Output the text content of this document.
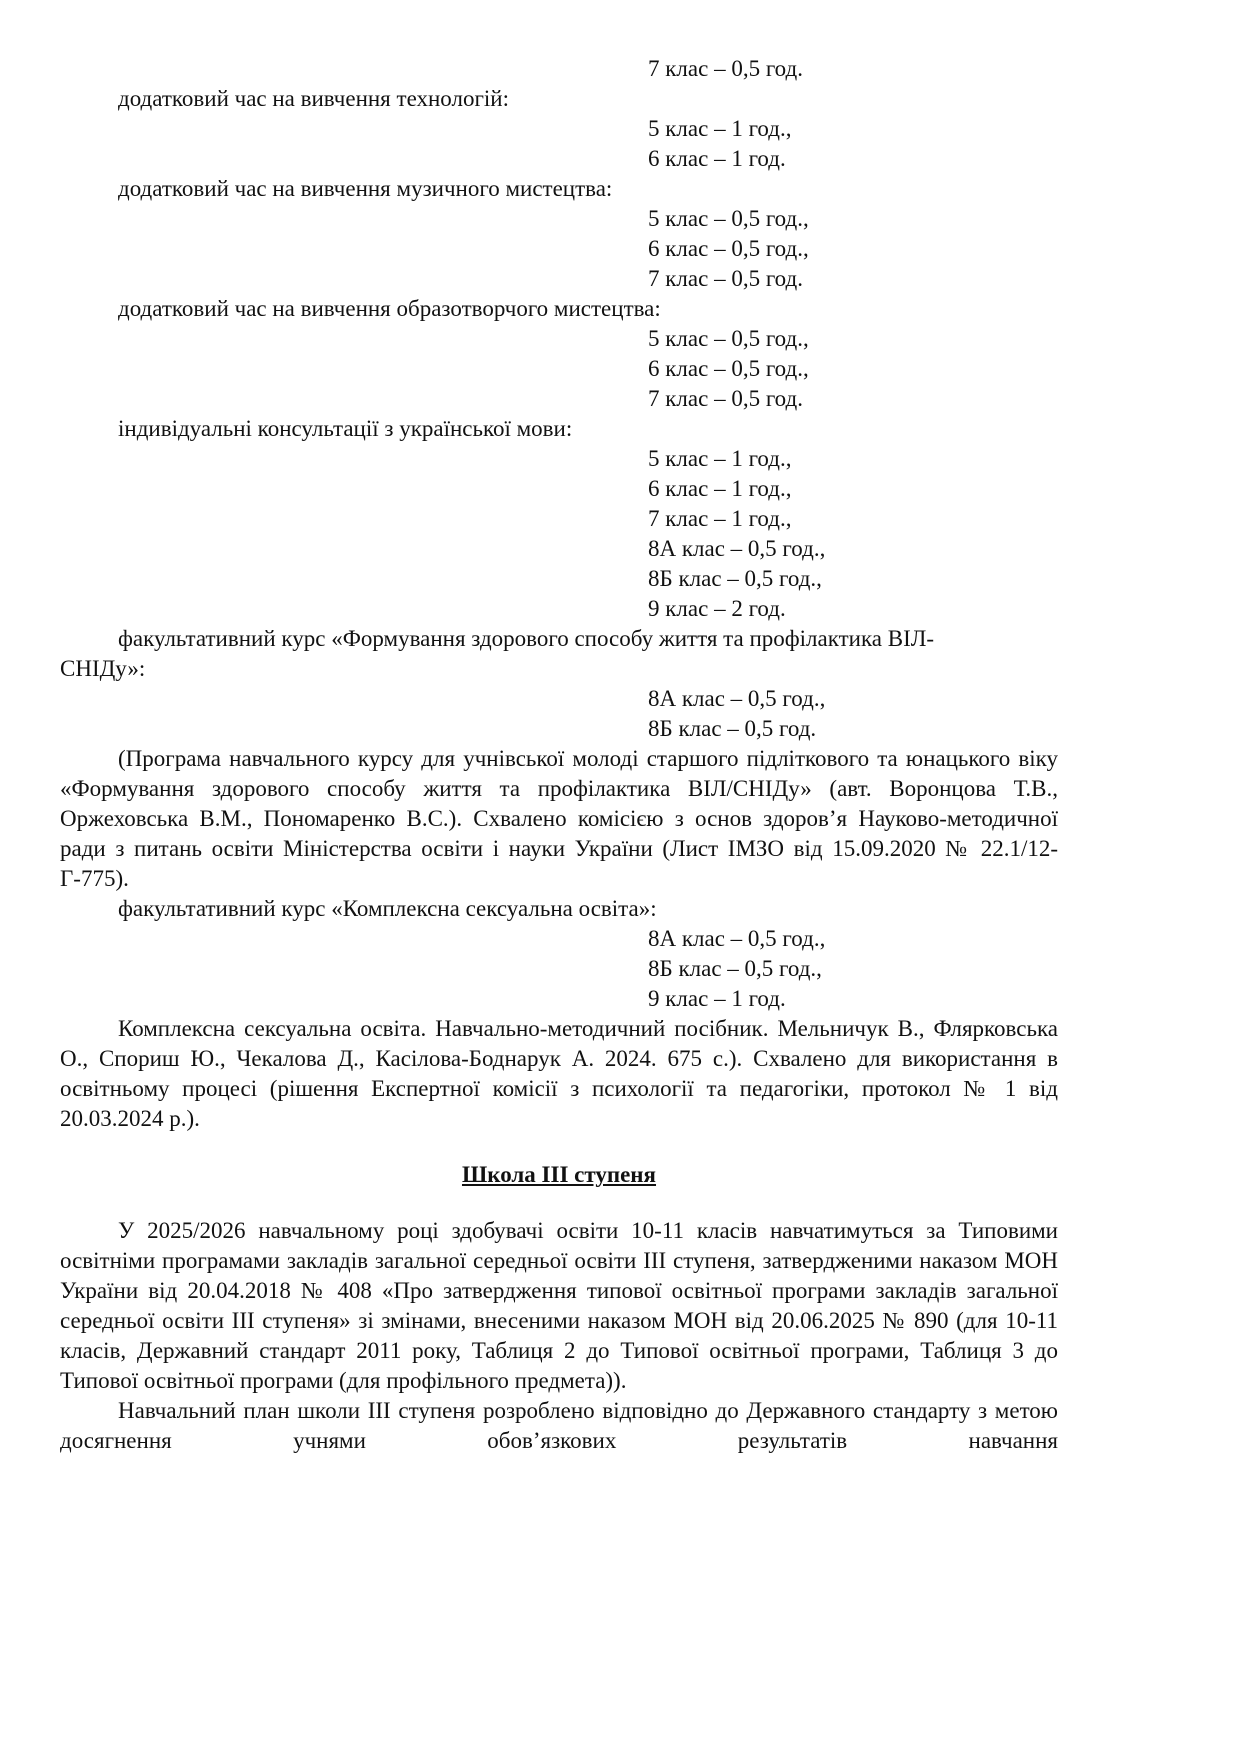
7 клас – 0,5 год.
додатковий час на вивчення технологій:
5 клас – 1 год.,
6 клас – 1 год.
додатковий час на вивчення музичного мистецтва:
5 клас – 0,5 год.,
6 клас – 0,5 год.,
7 клас – 0,5 год.
додатковий час на вивчення образотворчого мистецтва:
5 клас – 0,5 год.,
6 клас – 0,5 год.,
7 клас – 0,5 год.
індивідуальні консультації з української мови:
5 клас – 1 год.,
6 клас – 1 год.,
7 клас – 1 год.,
8А клас – 0,5 год.,
8Б клас – 0,5 год.,
9 клас – 2 год.
факультативний курс «Формування здорового способу життя та профілактика ВІЛ-
СНІДу»:
8А клас – 0,5 год.,
8Б клас – 0,5 год.

(Програма навчального курсу для учнівської молоді старшого підліткового та юнацького віку «Формування здорового способу життя та профілактика ВІЛ/СНІДу» (авт. Воронцова Т.В., Оржеховська В.М., Пономаренко В.С.). Схвалено комісією з основ здоров’я Науково-методичної ради з питань освіти Міністерства освіти і науки України (Лист ІМЗО від 15.09.2020 № 22.1/12-Г-775).

факультативний курс «Комплексна сексуальна освіта»:
8А клас – 0,5 год.,
8Б клас – 0,5 год.,
9 клас – 1 год.

Комплексна сексуальна освіта. Навчально-методичний посібник. Мельничук В., Флярковська О., Спориш Ю., Чекалова Д., Касілова-Боднарук А. 2024. 675 с.). Схвалено для використання в освітньому процесі (рішення Експертної комісії з психології та педагогіки, протокол № 1 від 20.03.2024 р.).

Школа ІІІ ступеня

У 2025/2026 навчальному році здобувачі освіти 10-11 класів навчатимуться за Типовими освітніми програмами закладів загальної середньої освіти ІІІ ступеня, затвердженими наказом МОН України від 20.04.2018 № 408 «Про затвердження типової освітньої програми закладів загальної середньої освіти ІІІ ступеня» зі змінами, внесеними наказом МОН від 20.06.2025 № 890 (для 10-11 класів, Державний стандарт 2011 року, Таблиця 2 до Типової освітньої програми, Таблиця 3 до Типової освітньої програми (для профільного предмета)).

Навчальний план школи ІІІ ступеня розроблено відповідно до Державного стандарту з метою досягнення учнями обов’язкових результатів навчання
